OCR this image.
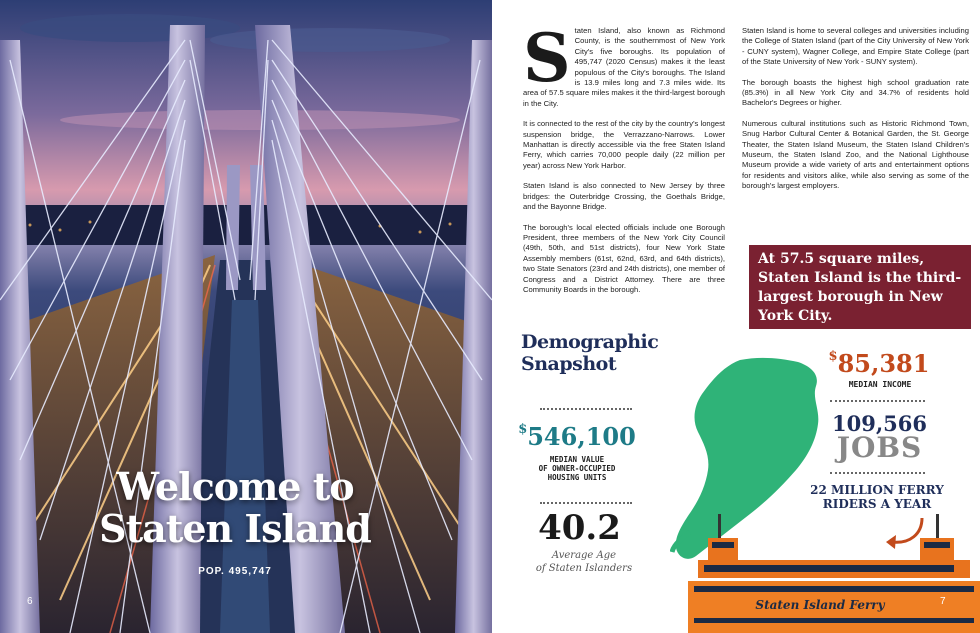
Welcome to
Staten Island
POP. 495,747
6

Staten Island, also known as Richmond County, is the southernmost of New York City's five boroughs. Its population of 495,747 (2020 Census) makes it the least populous of the City's boroughs. The Island is 13.9 miles long and 7.3 miles wide. Its area of 57.5 square miles makes it the third-largest borough in the City.

It is connected to the rest of the city by the country's longest suspension bridge, the Verrazzano-Narrows. Lower Manhattan is directly accessible via the free Staten Island Ferry, which carries 70,000 people daily (22 million per year) across New York Harbor.

Staten Island is also connected to New Jersey by three bridges: the Outerbridge Crossing, the Goethals Bridge, and the Bayonne Bridge.

The borough's local elected officials include one Borough President, three members of the New York City Council (49th, 50th, and 51st districts), four New York State Assembly members (61st, 62nd, 63rd, and 64th districts), two State Senators (23rd and 24th districts), one member of Congress and a District Attorney. There are three Community Boards in the borough.

Staten Island is home to several colleges and universities including the College of Staten Island (part of the City University of New York - CUNY system), Wagner College, and Empire State College (part of the State University of New York - SUNY system).

The borough boasts the highest high school graduation rate (85.3%) in all New York City and 34.7% of residents hold Bachelor's Degrees or higher.

Numerous cultural institutions such as Historic Richmond Town, Snug Harbor Cultural Center & Botanical Garden, the St. George Theater, the Staten Island Museum, the Staten Island Children's Museum, the Staten Island Zoo, and the National Lighthouse Museum provide a wide variety of arts and entertainment options for residents and visitors alike, while also serving as some of the borough's largest employers.

At 57.5 square miles, Staten Island is the third-largest borough in New York City.
Demographic
Snapshot
$546,100
MEDIAN VALUE
OF OWNER-OCCUPIED
HOUSING UNITS
40.2
Average Age
of Staten Islanders
$85,381
MEDIAN INCOME
109,566
JOBS
22 MILLION FERRY
RIDERS A YEAR
Staten Island Ferry	7
